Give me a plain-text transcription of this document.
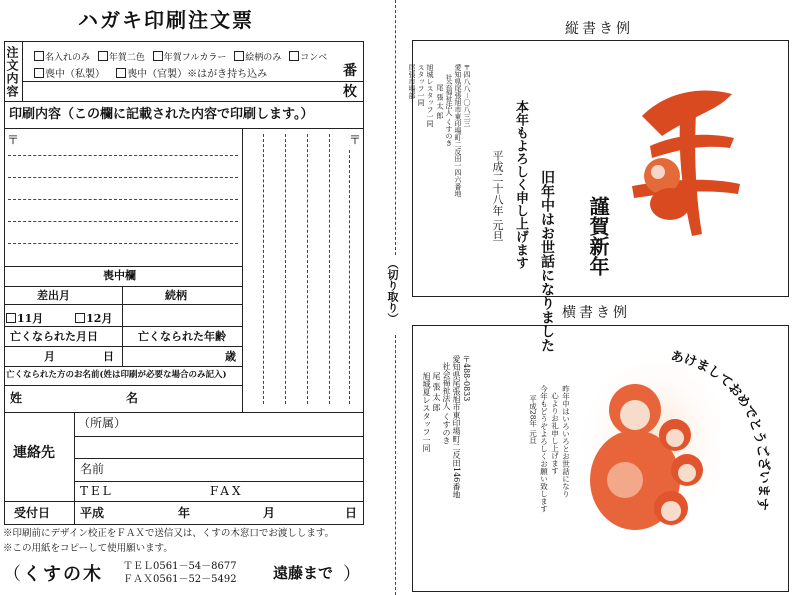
ハガキ印刷注文票
注文内容	名入れのみ 年賀二色 年賀フルカラー 絵柄のみ コンベ
喪中（私製） 喪中（官製）※はがき持ち込み	番
枚
印刷内容（この欄に記載された内容で印刷します。）
〒	〒
喪中欄
差出月	続柄
11月	12月
亡くなられた月日	亡くなられた年齢
月	日	歳
亡くなられた方のお名前(姓は印刷が必要な場合のみ記入)
姓	名
連絡先
（所属）
名前
TEL	FAX
受付日 平成	年	月	日
※印刷前にデザイン校正をＦＡＸで送信又は、くすの木窓口でお渡しします。
※この用紙をコピーして使用願います。
（ くすの木 ＴＥＬ0561－54－8677
ＦＡＸ0561－52－5492 遠藤まで ）
（切り取り）
縦書き例
謹賀新年
旧年中はお世話になりました
本年もよろしく申し上げます
平成二十八年 元旦
〒四八八－〇八三三
愛知県尾張旭市東印場町二反田一四六番地
社会福祉法人 くすのき
尾 張 太 郎
旭城レスタッフ一同
スタッフ一同
尾張市場部
横書き例
あけましておめでとうございます
〒488-0833
愛知県尾張旭市東印場町二反田146番地
社会福祉法人 くすのき
尾 張 太 郎
旭城夏レスタッフ一同	昨年中はいろいろとお世話になり
心よりお礼申し上げます
今年もどうぞよろしくお願い致します
平成28年 元旦
